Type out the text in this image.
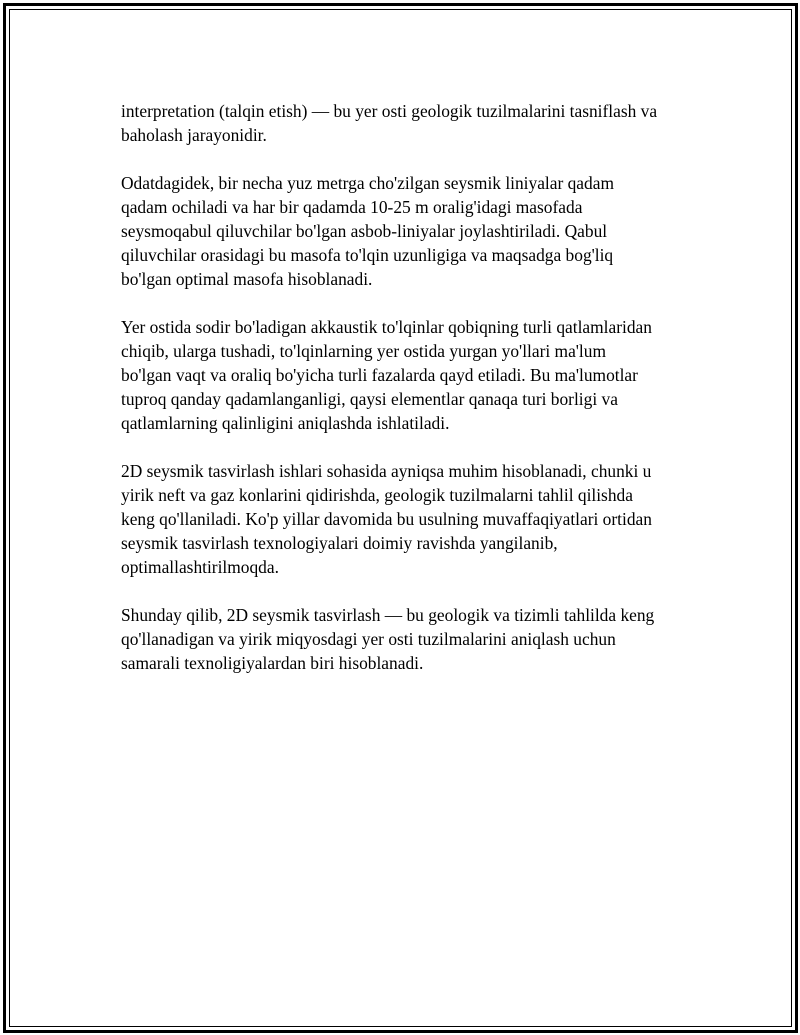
interpretation (talqin etish) — bu yer osti geologik tuzilmalarini tasniflash va
baholash jarayonidir.

Odatdagidek, bir necha yuz metrga cho'zilgan seysmik liniyalar qadam
qadam ochiladi va har bir qadamda 10-25 m oralig'idagi masofada
seysmoqabul qiluvchilar bo'lgan asbob-liniyalar joylashtiriladi. Qabul
qiluvchilar orasidagi bu masofa to'lqin uzunligiga va maqsadga bog'liq
bo'lgan optimal masofa hisoblanadi.

Yer ostida sodir bo'ladigan akkaustik to'lqinlar qobiqning turli qatlamlaridan
chiqib, ularga tushadi, to'lqinlarning yer ostida yurgan yo'llari ma'lum
bo'lgan vaqt va oraliq bo'yicha turli fazalarda qayd etiladi. Bu ma'lumotlar
tuproq qanday qadamlanganligi, qaysi elementlar qanaqa turi borligi va
qatlamlarning qalinligini aniqlashda ishlatiladi.

2D seysmik tasvirlash ishlari sohasida ayniqsa muhim hisoblanadi, chunki u
yirik neft va gaz konlarini qidirishda, geologik tuzilmalarni tahlil qilishda
keng qo'llaniladi. Ko'p yillar davomida bu usulning muvaffaqiyatlari ortidan
seysmik tasvirlash texnologiyalari doimiy ravishda yangilanib,
optimallashtirilmoqda.

Shunday qilib, 2D seysmik tasvirlash — bu geologik va tizimli tahlilda keng
qo'llanadigan va yirik miqyosdagi yer osti tuzilmalarini aniqlash uchun
samarali texnoligiyalardan biri hisoblanadi.
